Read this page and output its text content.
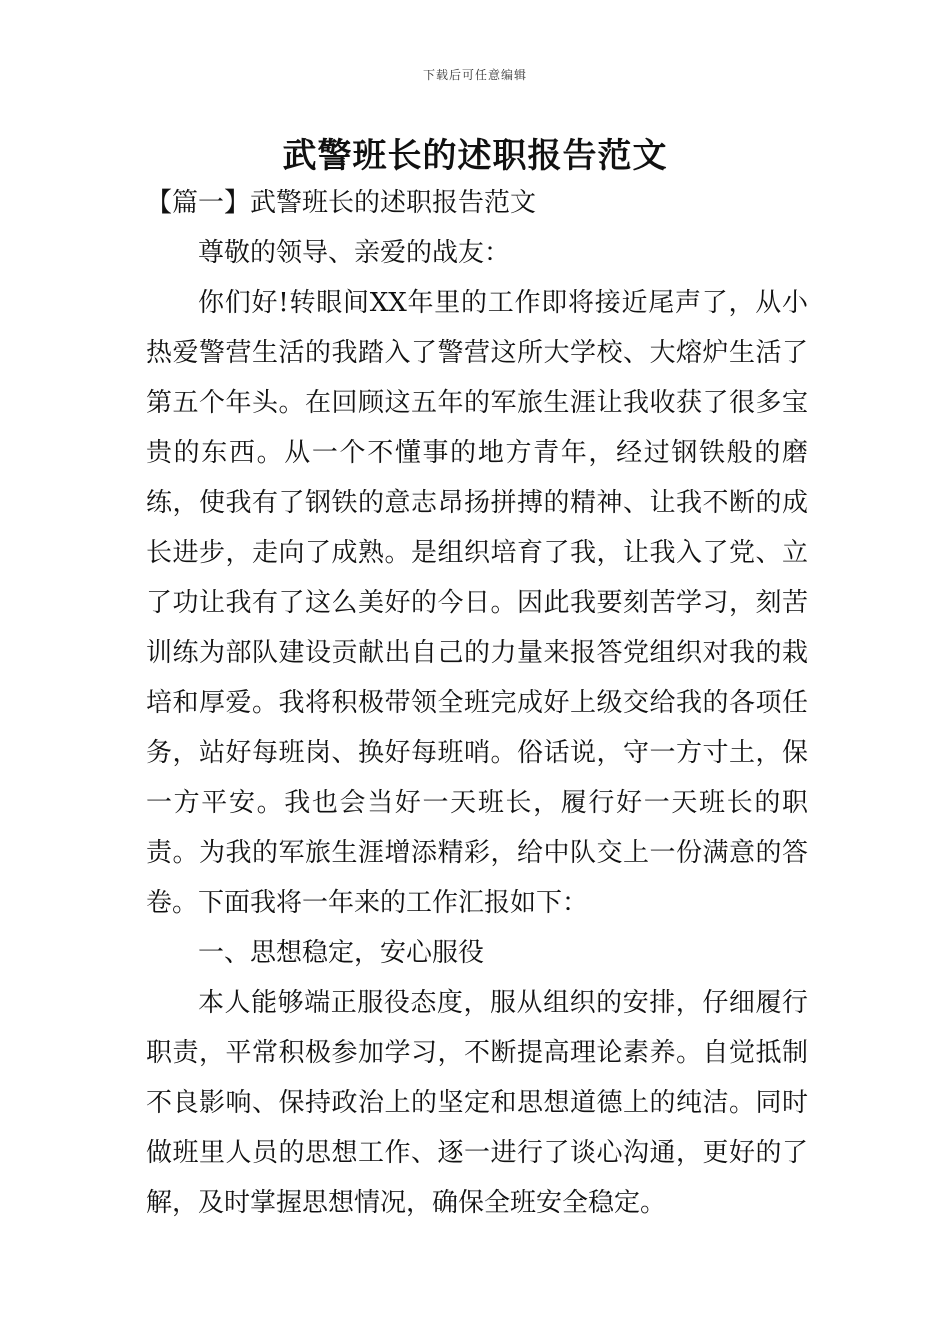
下载后可任意编辑
武警班长的述职报告范文

【篇一】武警班长的述职报告范文

尊敬的领导、亲爱的战友：

你们好!转眼间XX年里的工作即将接近尾声了，从小热爱警营生活的我踏入了警营这所大学校、大熔炉生活了第五个年头。在回顾这五年的军旅生涯让我收获了很多宝贵的东西。从一个不懂事的地方青年，经过钢铁般的磨练，使我有了钢铁的意志昂扬拼搏的精神、让我不断的成长进步，走向了成熟。是组织培育了我，让我入了党、立了功让我有了这么美好的今日。因此我要刻苦学习，刻苦训练为部队建设贡献出自己的力量来报答党组织对我的栽培和厚爱。我将积极带领全班完成好上级交给我的各项任务，站好每班岗、换好每班哨。俗话说，守一方寸土，保一方平安。我也会当好一天班长，履行好一天班长的职责。为我的军旅生涯增添精彩，给中队交上一份满意的答卷。下面我将一年来的工作汇报如下：

一、思想稳定，安心服役

本人能够端正服役态度，服从组织的安排，仔细履行职责，平常积极参加学习，不断提高理论素养。自觉抵制不良影响、保持政治上的坚定和思想道德上的纯洁。同时做班里人员的思想工作、逐一进行了谈心沟通，更好的了解，及时掌握思想情况，确保全班安全稳定。
